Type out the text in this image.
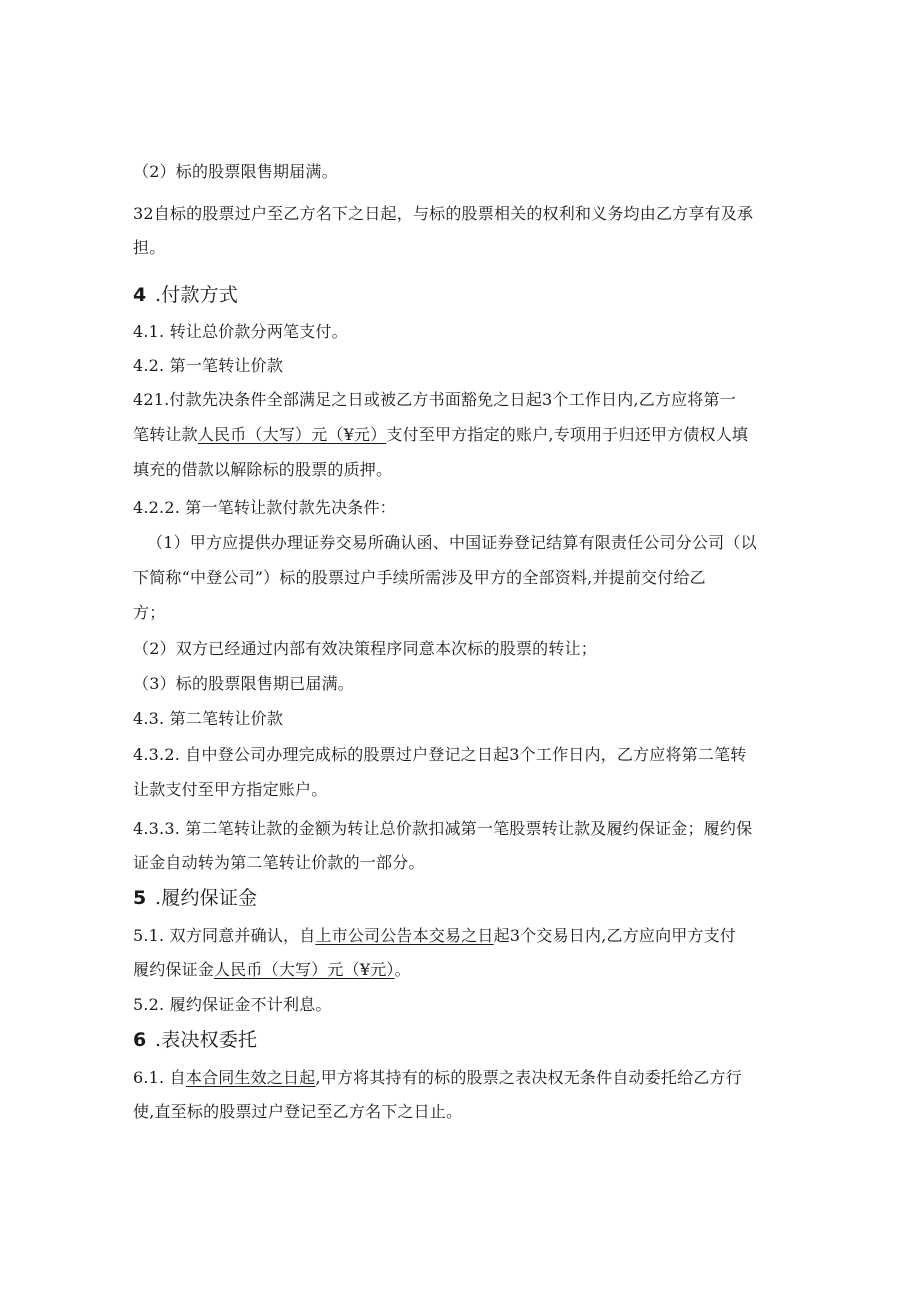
（2）标的股票限售期届满。
32自标的股票过户至乙方名下之日起，与标的股票相关的权利和义务均由乙方享有及承
担。
4 .付款方式
4.1. 转让总价款分两笔支付。
4.2. 第一笔转让价款
421.付款先决条件全部满足之日或被乙方书面豁免之日起3个工作日内,乙方应将第一
笔转让款人民币（大写）元（¥元）支付至甲方指定的账户,专项用于归还甲方债权人填
填充的借款以解除标的股票的质押。
4.2.2. 第一笔转让款付款先决条件：
（1）甲方应提供办理证券交易所确认函、中国证券登记结算有限责任公司分公司（以
下简称“中登公司”）标的股票过户手续所需涉及甲方的全部资料,并提前交付给乙
方；
（2）双方已经通过内部有效决策程序同意本次标的股票的转让；
（3）标的股票限售期已届满。
4.3. 第二笔转让价款
4.3.2. 自中登公司办理完成标的股票过户登记之日起3个工作日内，乙方应将第二笔转
让款支付至甲方指定账户。
4.3.3. 第二笔转让款的金额为转让总价款扣减第一笔股票转让款及履约保证金；履约保
证金自动转为第二笔转让价款的一部分。
5 .履约保证金
5.1. 双方同意并确认，自上市公司公告本交易之日起3个交易日内,乙方应向甲方支付
履约保证金人民币（大写）元（¥元）。
5.2. 履约保证金不计利息。
6 .表决权委托
6.1. 自本合同生效之日起,甲方将其持有的标的股票之表决权无条件自动委托给乙方行
使,直至标的股票过户登记至乙方名下之日止。
